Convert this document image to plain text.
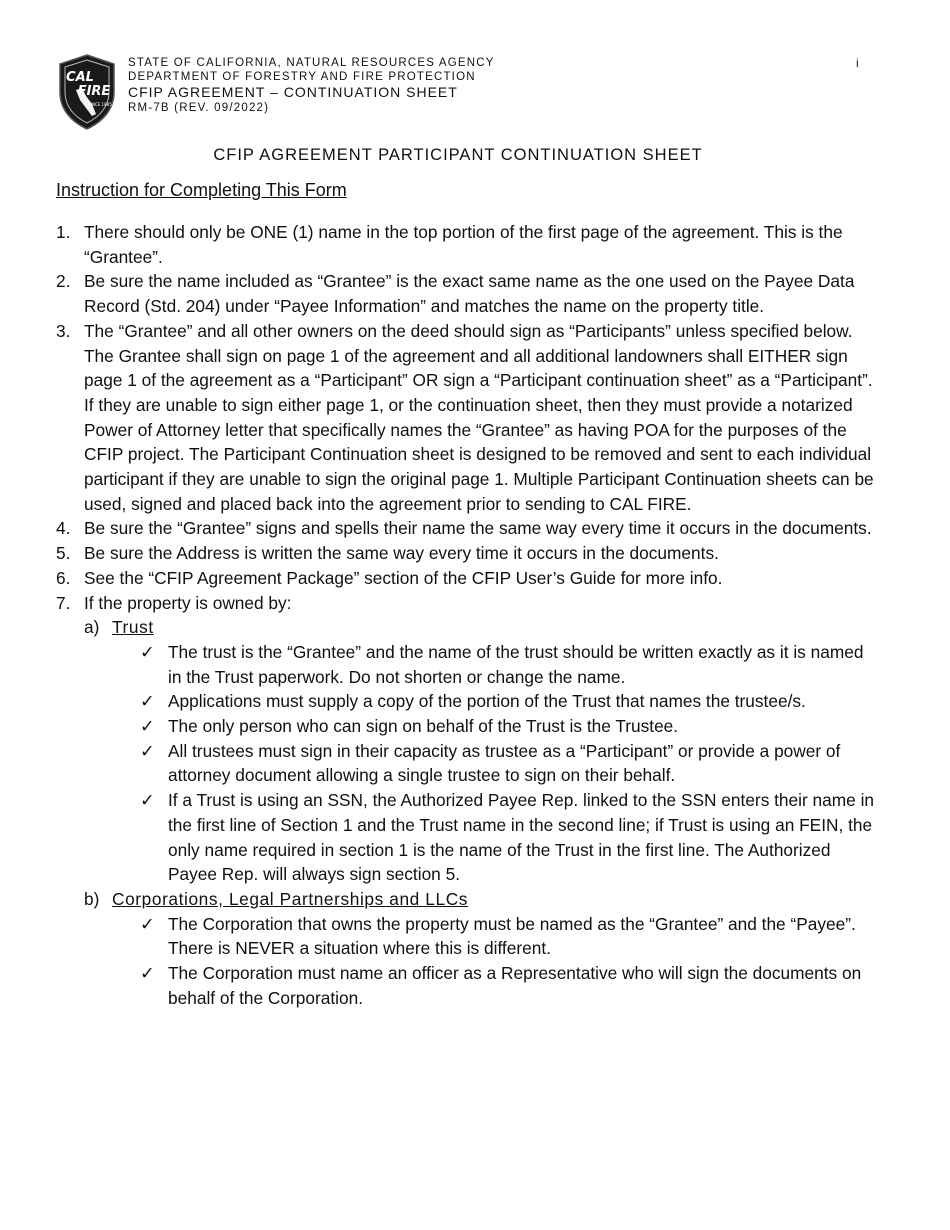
CAL
FIRE
SINCE 1885
STATE OF CALIFORNIA, NATURAL RESOURCES AGENCY
DEPARTMENT OF FORESTRY AND FIRE PROTECTION
CFIP AGREEMENT – CONTINUATION SHEET
RM-7B (REV. 09/2022)
i
CFIP AGREEMENT PARTICIPANT CONTINUATION SHEET
Instruction for Completing This Form
1. There should only be ONE (1) name in the top portion of the first page of the agreement. This is the “Grantee”.
2. Be sure the name included as “Grantee” is the exact same name as the one used on the Payee Data Record (Std. 204) under “Payee Information” and matches the name on the property title.
3. The “Grantee” and all other owners on the deed should sign as “Participants” unless specified below. The Grantee shall sign on page 1 of the agreement and all additional landowners shall EITHER sign page 1 of the agreement as a “Participant” OR sign a “Participant continuation sheet” as a “Participant”. If they are unable to sign either page 1, or the continuation sheet, then they must provide a notarized Power of Attorney letter that specifically names the “Grantee” as having POA for the purposes of the CFIP project. The Participant Continuation sheet is designed to be removed and sent to each individual participant if they are unable to sign the original page 1. Multiple Participant Continuation sheets can be used, signed and placed back into the agreement prior to sending to CAL FIRE.
4. Be sure the “Grantee” signs and spells their name the same way every time it occurs in the documents.
5. Be sure the Address is written the same way every time it occurs in the documents.
6. See the “CFIP Agreement Package” section of the CFIP User’s Guide for more info.
7. If the property is owned by:
a) Trust
✓ The trust is the “Grantee” and the name of the trust should be written exactly as it is named in the Trust paperwork. Do not shorten or change the name.
✓ Applications must supply a copy of the portion of the Trust that names the trustee/s.
✓ The only person who can sign on behalf of the Trust is the Trustee.
✓ All trustees must sign in their capacity as trustee as a “Participant” or provide a power of attorney document allowing a single trustee to sign on their behalf.
✓ If a Trust is using an SSN, the Authorized Payee Rep. linked to the SSN enters their name in the first line of Section 1 and the Trust name in the second line; if Trust is using an FEIN, the only name required in section 1 is the name of the Trust in the first line. The Authorized Payee Rep. will always sign section 5.
b) Corporations, Legal Partnerships and LLCs
✓ The Corporation that owns the property must be named as the “Grantee” and the “Payee”. There is NEVER a situation where this is different.
✓ The Corporation must name an officer as a Representative who will sign the documents on behalf of the Corporation.
